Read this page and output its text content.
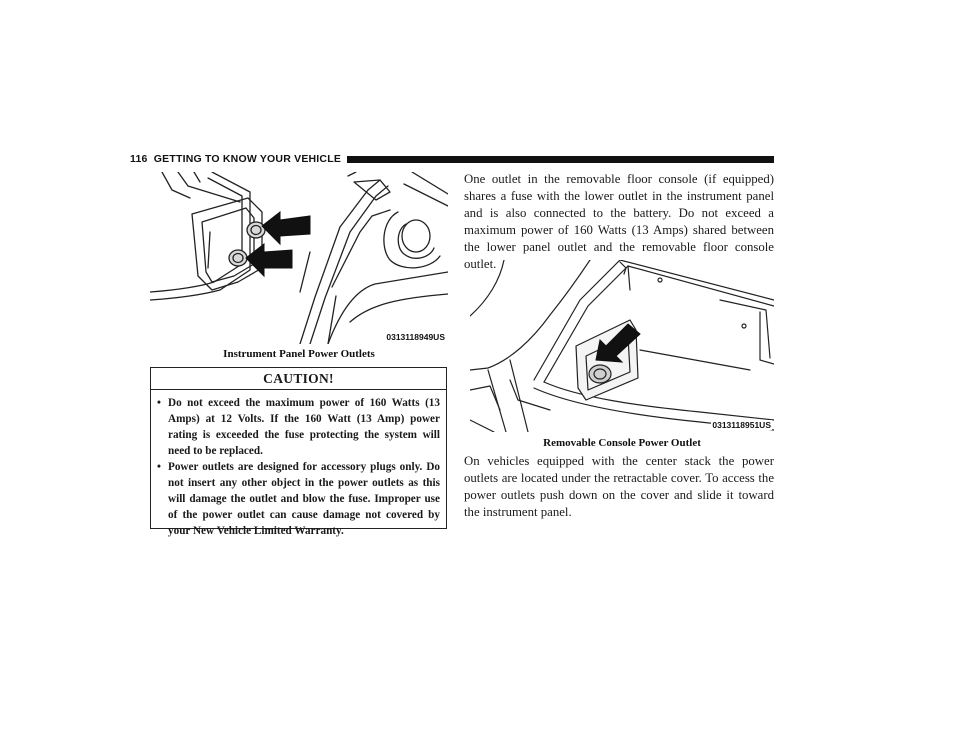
116 GETTING TO KNOW YOUR VEHICLE
0313118949US
Instrument Panel Power Outlets
CAUTION!
• Do not exceed the maximum power of 160 Watts (13 Amps) at 12 Volts. If the 160 Watt (13 Amp) power rating is exceeded the fuse protecting the system will need to be replaced.
• Power outlets are designed for accessory plugs only. Do not insert any other object in the power outlets as this will damage the outlet and blow the fuse. Improper use of the power outlet can cause damage not covered by your New Vehicle Limited Warranty.
One outlet in the removable floor console (if equipped) shares a fuse with the lower outlet in the instrument panel and is also connected to the battery. Do not exceed a maximum power of 160 Watts (13 Amps) shared between the lower panel outlet and the removable floor console outlet.
0313118951US
Removable Console Power Outlet
On vehicles equipped with the center stack the power outlets are located under the retractable cover. To access the power outlets push down on the cover and slide it toward the instrument panel.
